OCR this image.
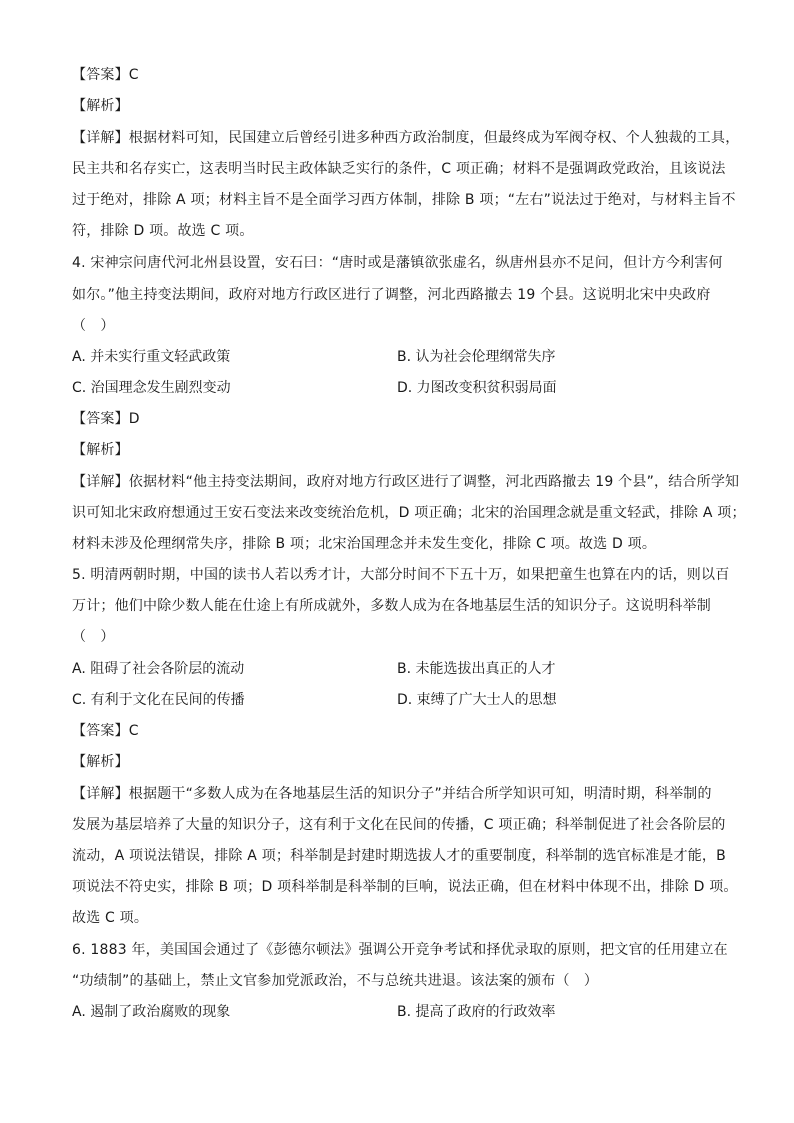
【答案】C
【解析】
【详解】根据材料可知，民国建立后曾经引进多种西方政治制度，但最终成为军阀夺权、个人独裁的工具，
民主共和名存实亡，这表明当时民主政体缺乏实行的条件，C 项正确；材料不是强调政党政治，且该说法
过于绝对，排除 A 项；材料主旨不是全面学习西方体制，排除 B 项；“左右”说法过于绝对，与材料主旨不
符，排除 D 项。故选 C 项。
4. 宋神宗问唐代河北州县设置，安石曰：“唐时或是藩镇欲张虚名，纵唐州县亦不足问，但计方今利害何
如尔。”他主持变法期间，政府对地方行政区进行了调整，河北西路撤去 19 个县。这说明北宋中央政府
（　）
A. 并未实行重文轻武政策	B. 认为社会伦理纲常失序
C. 治国理念发生剧烈变动	D. 力图改变积贫积弱局面
【答案】D
【解析】
【详解】依据材料“他主持变法期间，政府对地方行政区进行了调整，河北西路撤去 19 个县”，结合所学知
识可知北宋政府想通过王安石变法来改变统治危机，D 项正确；北宋的治国理念就是重文轻武，排除 A 项；
材料未涉及伦理纲常失序，排除 B 项；北宋治国理念并未发生变化，排除 C 项。故选 D 项。
5. 明清两朝时期，中国的读书人若以秀才计，大部分时间不下五十万，如果把童生也算在内的话，则以百
万计；他们中除少数人能在仕途上有所成就外，多数人成为在各地基层生活的知识分子。这说明科举制
（　）
A. 阻碍了社会各阶层的流动	B. 未能选拔出真正的人才
C. 有利于文化在民间的传播	D. 束缚了广大士人的思想
【答案】C
【解析】
【详解】根据题干“多数人成为在各地基层生活的知识分子”并结合所学知识可知，明清时期，科举制的
发展为基层培养了大量的知识分子，这有利于文化在民间的传播，C 项正确；科举制促进了社会各阶层的
流动，A 项说法错误，排除 A 项；科举制是封建时期选拔人才的重要制度，科举制的选官标准是才能，B
项说法不符史实，排除 B 项；D 项科举制是科举制的巨响，说法正确，但在材料中体现不出，排除 D 项。
故选 C 项。
6. 1883 年，美国国会通过了《彭德尔顿法》强调公开竞争考试和择优录取的原则，把文官的任用建立在
“功绩制”的基础上，禁止文官参加党派政治，不与总统共进退。该法案的颁布（　）
A. 遏制了政治腐败的现象	B. 提高了政府的行政效率
